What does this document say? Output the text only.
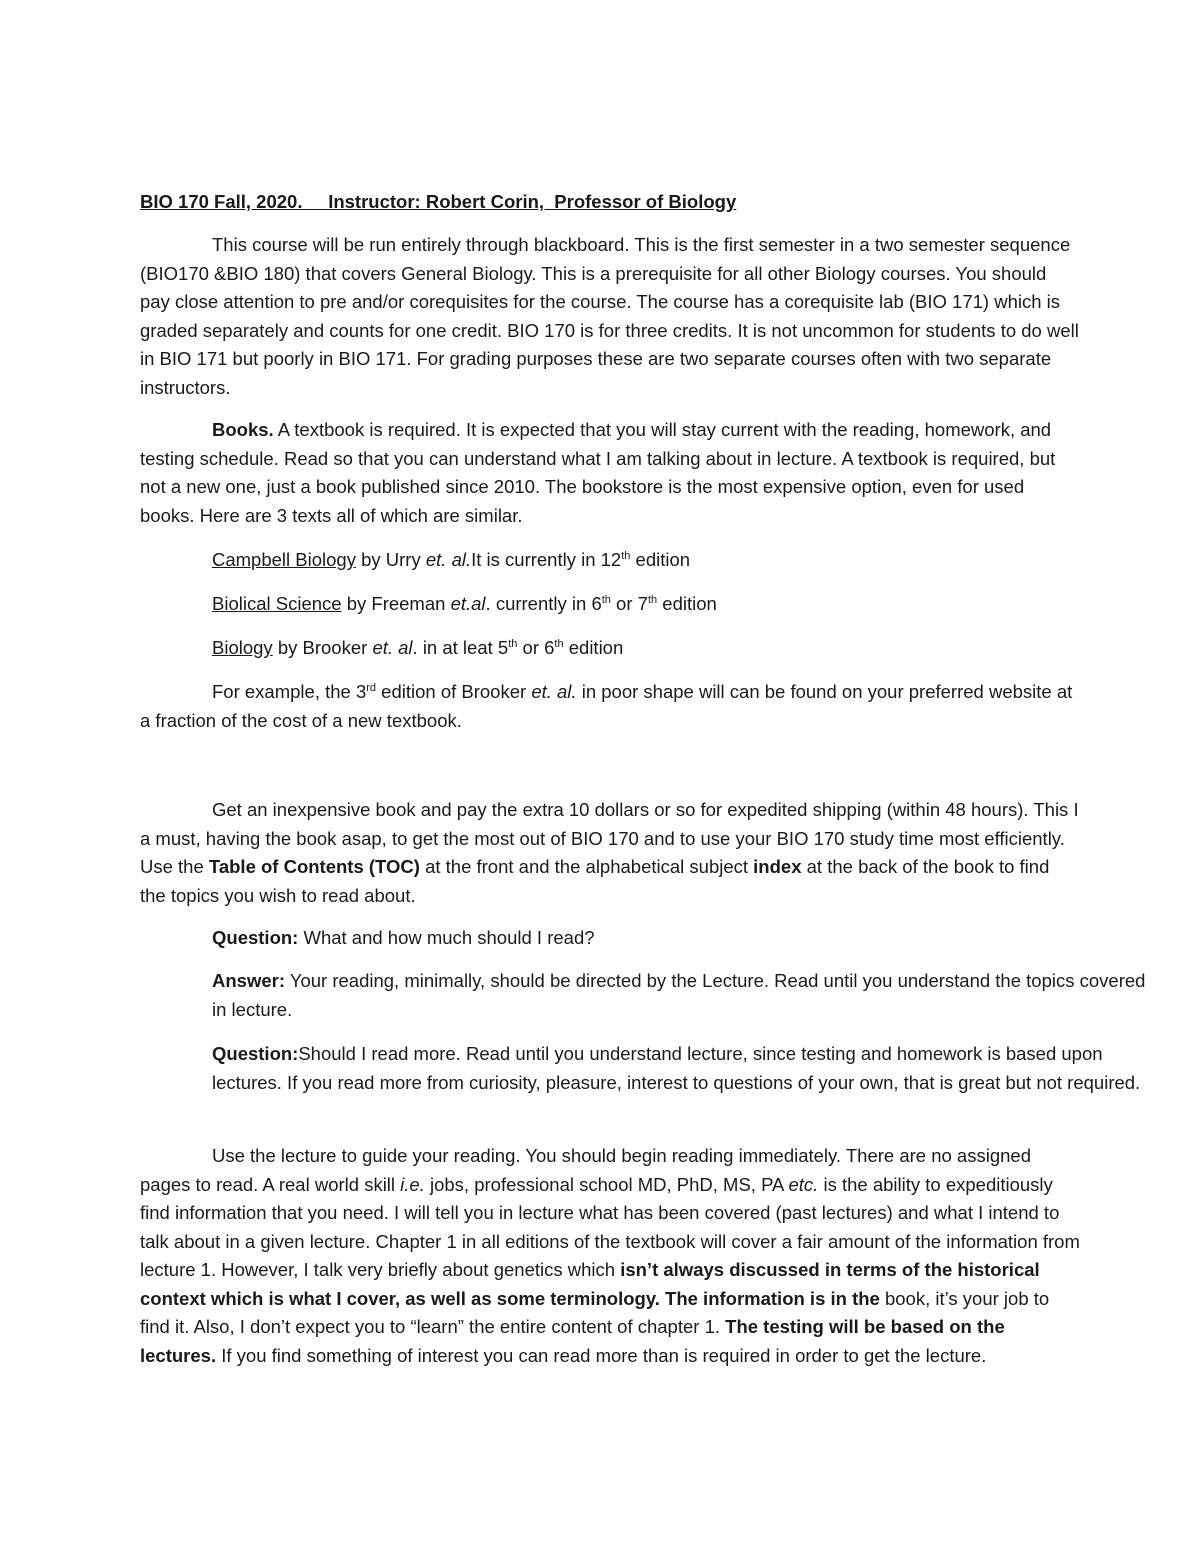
BIO 170 Fall, 2020. Instructor: Robert Corin,  Professor of Biology

This course will be run entirely through blackboard. This is the first semester in a two semester sequence (BIO170 &BIO 180) that covers General Biology. This is a prerequisite for all other Biology courses. You should pay close attention to pre and/or corequisites for the course. The course has a corequisite lab (BIO 171) which is graded separately and counts for one credit. BIO 170 is for three credits. It is not uncommon for students to do well in BIO 171 but poorly in BIO 171. For grading purposes these are two separate courses often with two separate instructors.

Books. A textbook is required. It is expected that you will stay current with the reading, homework, and testing schedule. Read so that you can understand what I am talking about in lecture. A textbook is required, but not a new one, just a book published since 2010. The bookstore is the most expensive option, even for used books. Here are 3 texts all of which are similar.

Campbell Biology by Urry et. al.It is currently in 12th edition

Biolical Science by Freeman et.al. currently in 6th or 7th edition

Biology by Brooker et. al. in at leat 5th or 6th edition

For example, the 3rd edition of Brooker et. al. in poor shape will can be found on your preferred website at a fraction of the cost of a new textbook.

Get an inexpensive book and pay the extra 10 dollars or so for expedited shipping (within 48 hours). This I a must, having the book asap, to get the most out of BIO 170 and to use your BIO 170 study time most efficiently. Use the Table of Contents (TOC) at the front and the alphabetical subject index at the back of the book to find the topics you wish to read about.

Question: What and how much should I read?

Answer: Your reading, minimally, should be directed by the Lecture. Read until you understand the topics covered in lecture.

Question:Should I read more. Read until you understand lecture, since testing and homework is based upon lectures. If you read more from curiosity, pleasure, interest to questions of your own, that is great but not required.

Use the lecture to guide your reading. You should begin reading immediately. There are no assigned pages to read. A real world skill i.e. jobs, professional school MD, PhD, MS, PA etc. is the ability to expeditiously find information that you need. I will tell you in lecture what has been covered (past lectures) and what I intend to talk about in a given lecture. Chapter 1 in all editions of the textbook will cover a fair amount of the information from lecture 1. However, I talk very briefly about genetics which isn’t always discussed in terms of the historical context which is what I cover, as well as some terminology. The information is in the book, it’s your job to find it. Also, I don’t expect you to “learn” the entire content of chapter 1. The testing will be based on the lectures. If you find something of interest you can read more than is required in order to get the lecture.
